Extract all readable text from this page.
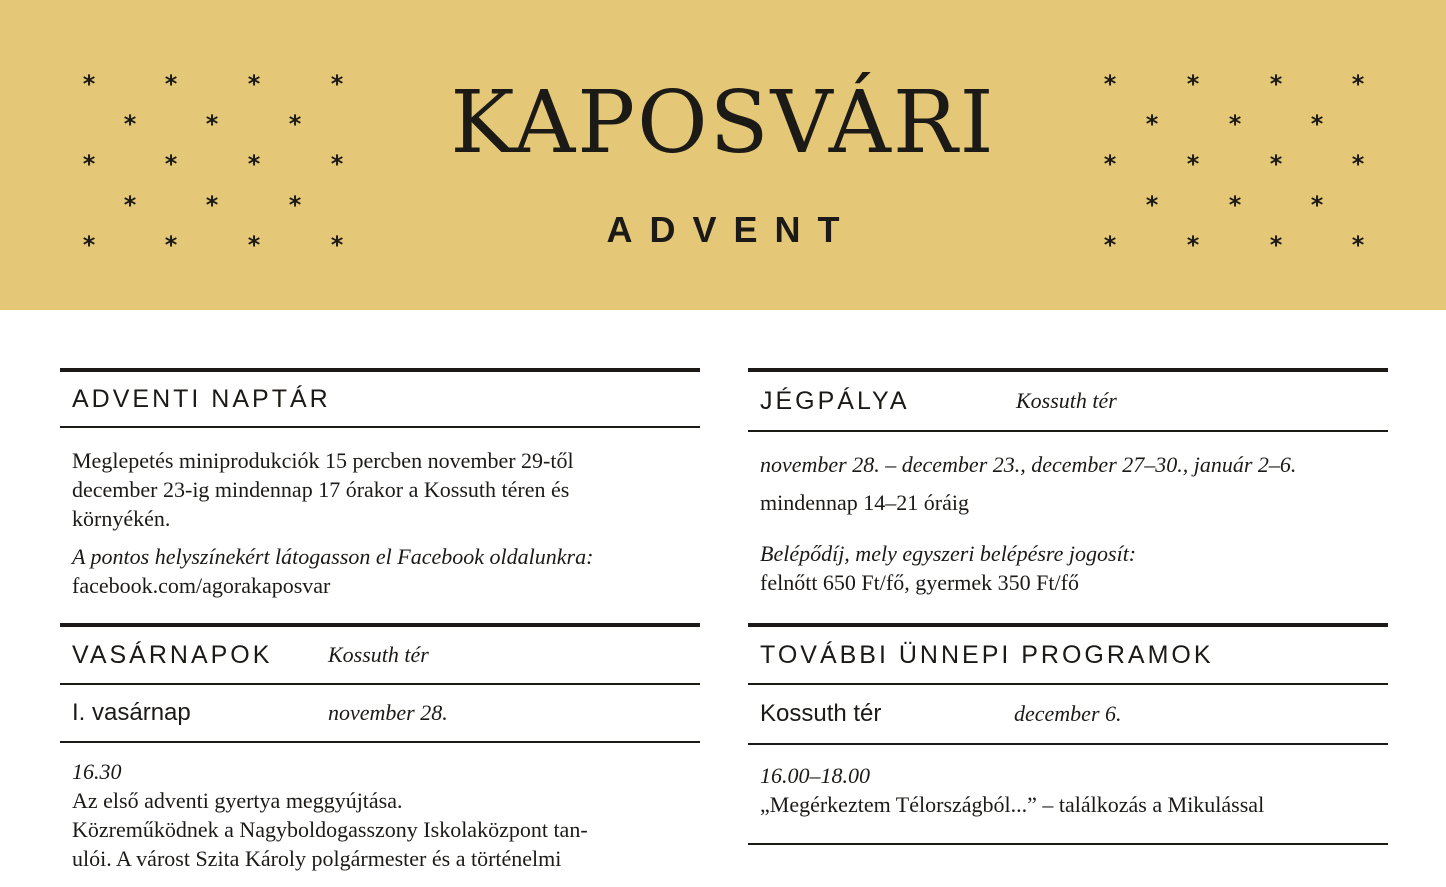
*	*	*	*
*	*	*
*	*	*	*
*	*	*
*	*	*	*
*	*	*	*
*	*	*
*	*	*	*
*	*	*
*	*	*	*
KAPOSVÁRI
ADVENT
ADVENTI NAPTÁR

Meglepetés miniprodukciók 15 percben november 29-től december 23-ig mindennap 17 órakor a Kossuth téren és környékén.

A pontos helyszínekért látogasson el Facebook oldalunkra:

facebook.com/agorakaposvar

VASÁRNAPOK	Kossuth tér
I. vasárnap	november 28.

16.30

Az első adventi gyertya meggyújtása.

Közreműködnek a Nagyboldogasszony Iskolaközpont tan-

ulói. A várost Szita Károly polgármester és a történelmi

JÉGPÁLYA	Kossuth tér

november 28. – december 23., december 27–30., január 2–6.

mindennap 14–21 óráig

Belépődíj, mely egyszeri belépésre jogosít:

felnőtt 650 Ft/fő, gyermek 350 Ft/fő

TOVÁBBI ÜNNEPI PROGRAMOK
Kossuth tér	december 6.

16.00–18.00

„Megérkeztem Télországból...” – találkozás a Mikulással
